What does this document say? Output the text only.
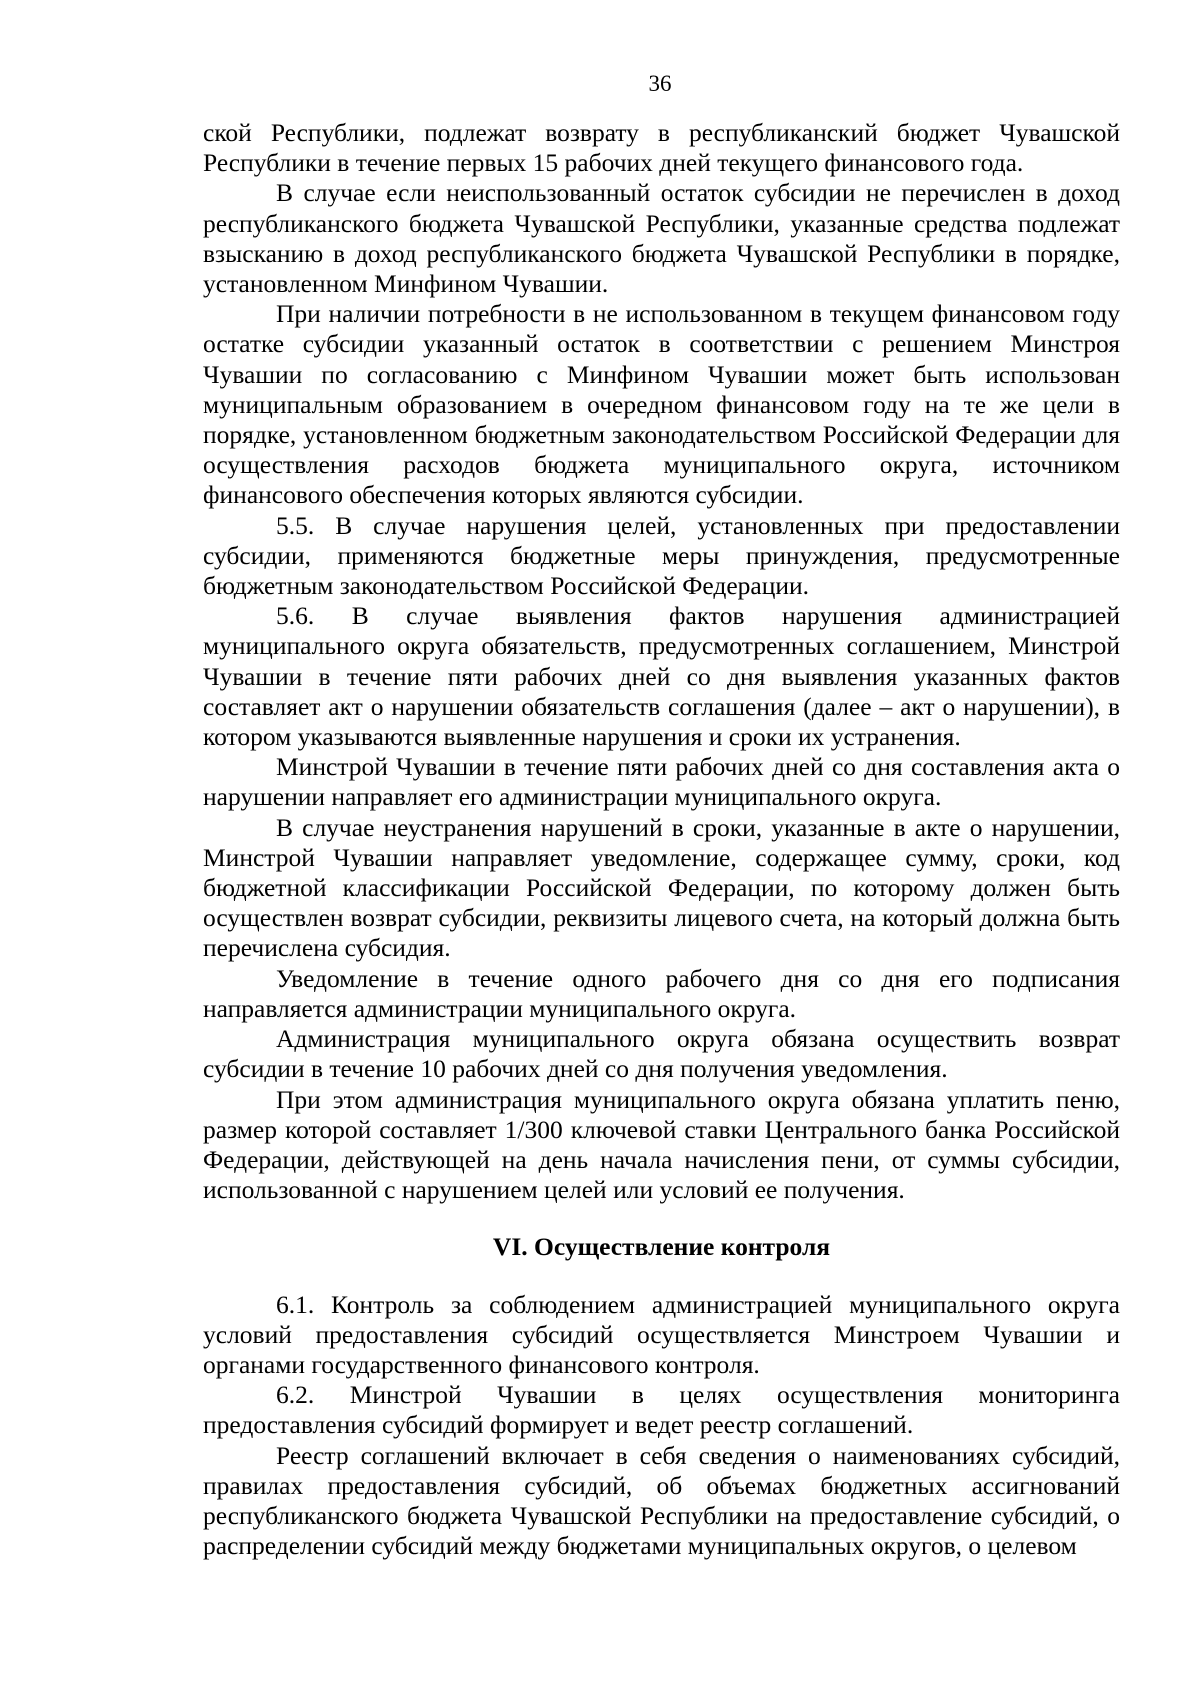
36

ской Республики, подлежат возврату в республиканский бюджет Чувашской Республики в течение первых 15 рабочих дней текущего финансового года.

В случае если неиспользованный остаток субсидии не перечислен в доход республиканского бюджета Чувашской Республики, указанные средства подлежат взысканию в доход республиканского бюджета Чувашской Республики в порядке, установленном Минфином Чувашии.

При наличии потребности в не использованном в текущем финансовом году остатке субсидии указанный остаток в соответствии с решением Минстроя Чувашии по согласованию с Минфином Чувашии может быть использован муниципальным образованием в очередном финансовом году на те же цели в порядке, установленном бюджетным законодательством Российской Федерации для осуществления расходов бюджета муниципального округа, источником финансового обеспечения которых являются субсидии.

5.5. В случае нарушения целей, установленных при предоставлении субсидии, применяются бюджетные меры принуждения, предусмотренные бюджетным законодательством Российской Федерации.

5.6. В случае выявления фактов нарушения администрацией муниципального округа обязательств, предусмотренных соглашением, Минстрой Чувашии в течение пяти рабочих дней со дня выявления указанных фактов составляет акт о нарушении обязательств соглашения (далее – акт о нарушении), в котором указываются выявленные нарушения и сроки их устранения.

Минстрой Чувашии в течение пяти рабочих дней со дня составления акта о нарушении направляет его администрации муниципального округа.

В случае неустранения нарушений в сроки, указанные в акте о нарушении, Минстрой Чувашии направляет уведомление, содержащее сумму, сроки, код бюджетной классификации Российской Федерации, по которому должен быть осуществлен возврат субсидии, реквизиты лицевого счета, на который должна быть перечислена субсидия.

Уведомление в течение одного рабочего дня со дня его подписания направляется администрации муниципального округа.

Администрация муниципального округа обязана осуществить возврат субсидии в течение 10 рабочих дней со дня получения уведомления.

При этом администрация муниципального округа обязана уплатить пеню, размер которой составляет 1/300 ключевой ставки Центрального банка Российской Федерации, действующей на день начала начисления пени, от суммы субсидии, использованной с нарушением целей или условий ее получения.

VI. Осуществление контроля

6.1. Контроль за соблюдением администрацией муниципального округа условий предоставления субсидий осуществляется Минстроем Чувашии и органами государственного финансового контроля.

6.2. Минстрой Чувашии в целях осуществления мониторинга предоставления субсидий формирует и ведет реестр соглашений.

Реестр соглашений включает в себя сведения о наименованиях субсидий, правилах предоставления субсидий, об объемах бюджетных ассигнований республиканского бюджета Чувашской Республики на предоставление субсидий, о распределении субсидий между бюджетами муниципальных округов, о целевом
